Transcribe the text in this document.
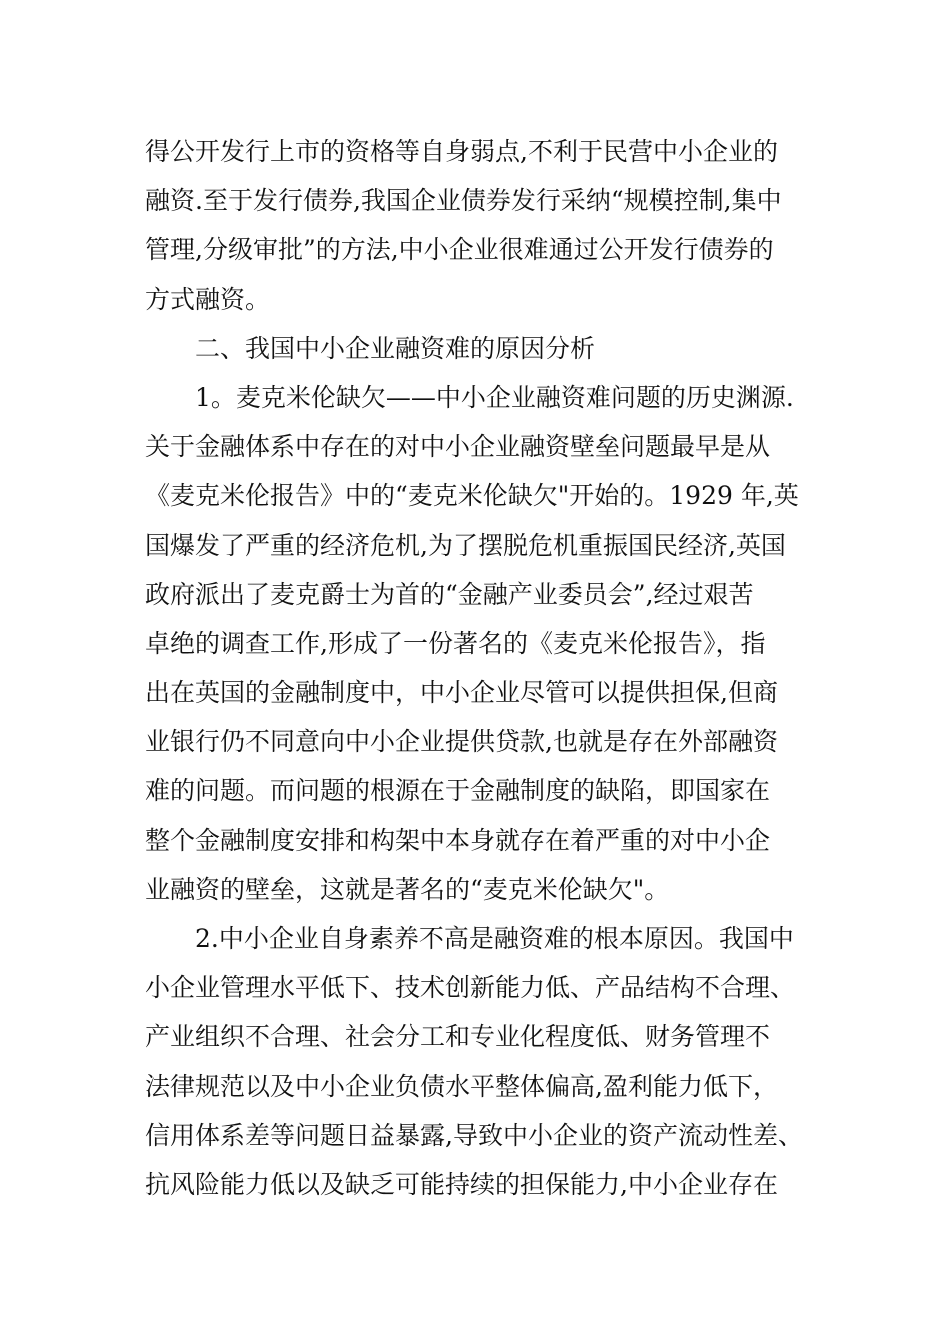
得公开发行上市的资格等自身弱点,不利于民营中小企业的
融资.至于发行债券,我国企业债券发行采纳“规模控制,集中
管理,分级审批”的方法,中小企业很难通过公开发行债券的
方式融资。
二、我国中小企业融资难的原因分析
1。麦克米伦缺欠——中小企业融资难问题的历史渊源.
关于金融体系中存在的对中小企业融资壁垒问题最早是从
《麦克米伦报告》中的“麦克米伦缺欠"开始的。1929 年,英
国爆发了严重的经济危机,为了摆脱危机重振国民经济,英国
政府派出了麦克爵士为首的“金融产业委员会”,经过艰苦
卓绝的调查工作,形成了一份著名的《麦克米伦报告》，指
出在英国的金融制度中，中小企业尽管可以提供担保,但商
业银行仍不同意向中小企业提供贷款,也就是存在外部融资
难的问题。而问题的根源在于金融制度的缺陷，即国家在
整个金融制度安排和构架中本身就存在着严重的对中小企
业融资的壁垒，这就是著名的“麦克米伦缺欠"。
2.中小企业自身素养不高是融资难的根本原因。我国中
小企业管理水平低下、技术创新能力低、产品结构不合理、
产业组织不合理、社会分工和专业化程度低、财务管理不
法律规范以及中小企业负债水平整体偏高,盈利能力低下，
信用体系差等问题日益暴露,导致中小企业的资产流动性差、
抗风险能力低以及缺乏可能持续的担保能力,中小企业存在
